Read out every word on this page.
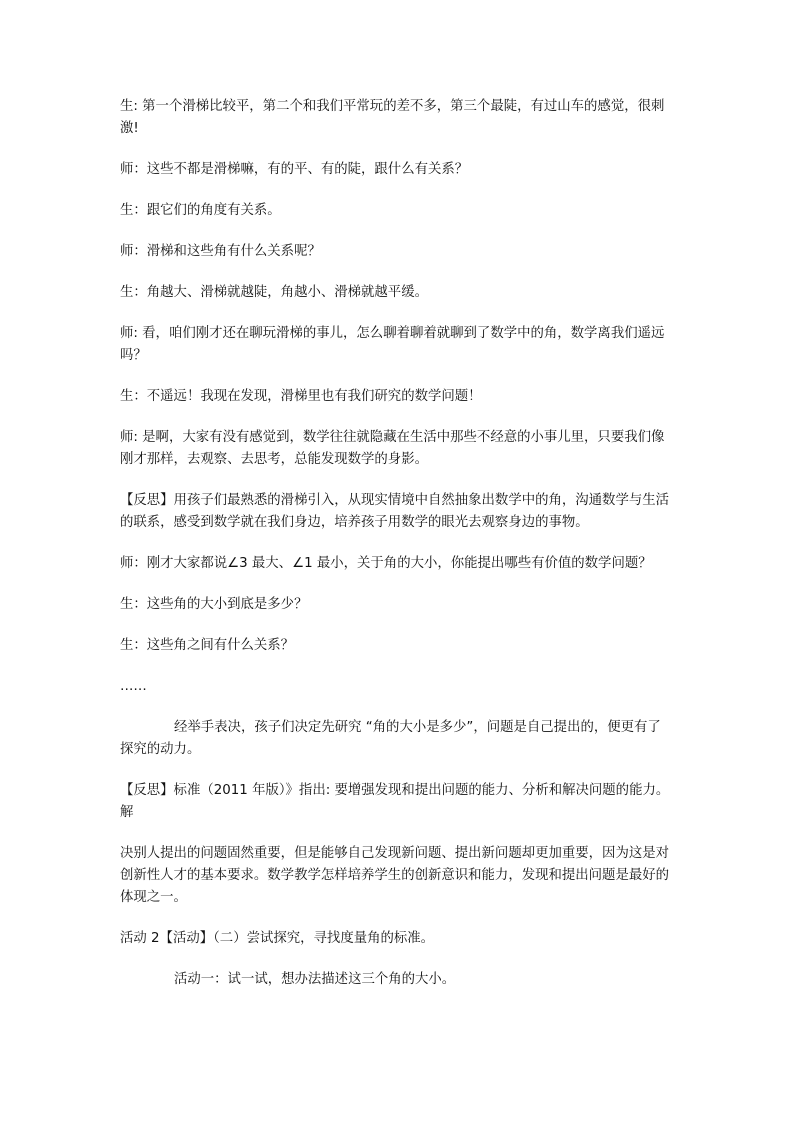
生: 第一个滑梯比较平，第二个和我们平常玩的差不多，第三个最陡，有过山车的感觉，很刺激!

师：这些不都是滑梯嘛，有的平、有的陡，跟什么有关系？

生：跟它们的角度有关系。

师：滑梯和这些角有什么关系呢？

生：角越大、滑梯就越陡，角越小、滑梯就越平缓。

师: 看，咱们刚才还在聊玩滑梯的事儿，怎么聊着聊着就聊到了数学中的角，数学离我们遥远吗？

生：不遥远！我现在发现，滑梯里也有我们研究的数学问题！

师: 是啊，大家有没有感觉到，数学往往就隐藏在生活中那些不经意的小事儿里，只要我们像刚才那样，去观察、去思考，总能发现数学的身影。

【反思】用孩子们最熟悉的滑梯引入，从现实情境中自然抽象出数学中的角，沟通数学与生活的联系，感受到数学就在我们身边，培养孩子用数学的眼光去观察身边的事物。

师：刚才大家都说∠3 最大、∠1 最小，关于角的大小，你能提出哪些有价值的数学问题？

生：这些角的大小到底是多少？

生：这些角之间有什么关系？

……

经举手表决，孩子们决定先研究 “角的大小是多少”，问题是自己提出的，便更有了探究的动力。

【反思】标准（2011 年版）》指出: 要增强发现和提出问题的能力、分析和解决问题的能力。解

决别人提出的问题固然重要，但是能够自己发现新问题、提出新问题却更加重要，因为这是对创新性人才的基本要求。数学教学怎样培养学生的创新意识和能力，发现和提出问题是最好的体现之一。

活动 2【活动】（二）尝试探究，寻找度量角的标准。

活动一：试一试，想办法描述这三个角的大小。
